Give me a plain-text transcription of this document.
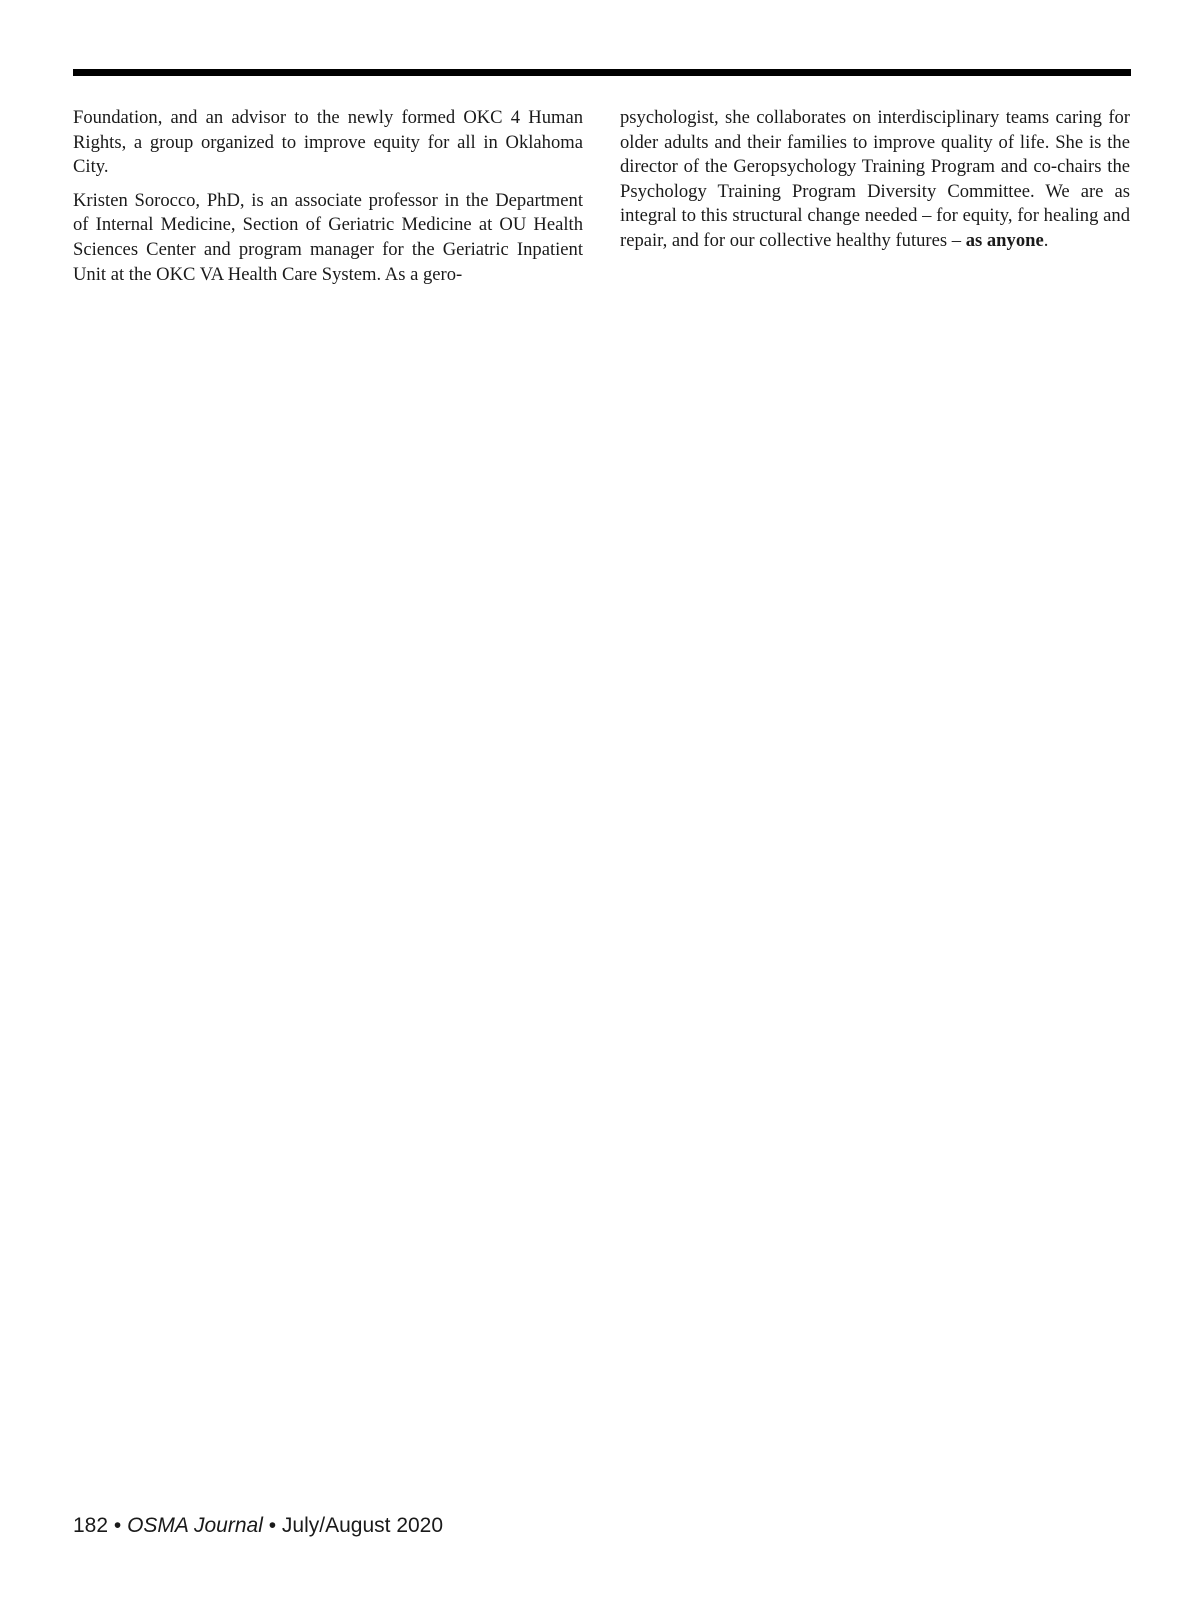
Foundation, and an advisor to the newly formed OKC 4 Human Rights, a group organized to improve equity for all in Oklahoma City.

Kristen Sorocco, PhD, is an associate professor in the Department of Internal Medicine, Section of Geriatric Medicine at OU Health Sciences Center and program manager for the Geriatric Inpatient Unit at the OKC VA Health Care System. As a gero-

psychologist, she collaborates on interdisciplinary teams caring for older adults and their families to improve quality of life. She is the director of the Geropsychology Training Program and co-chairs the Psychology Training Program Diversity Committee. We are as integral to this structural change needed – for equity, for healing and repair, and for our collective healthy futures – as anyone.

182 • OSMA Journal • July/August 2020
